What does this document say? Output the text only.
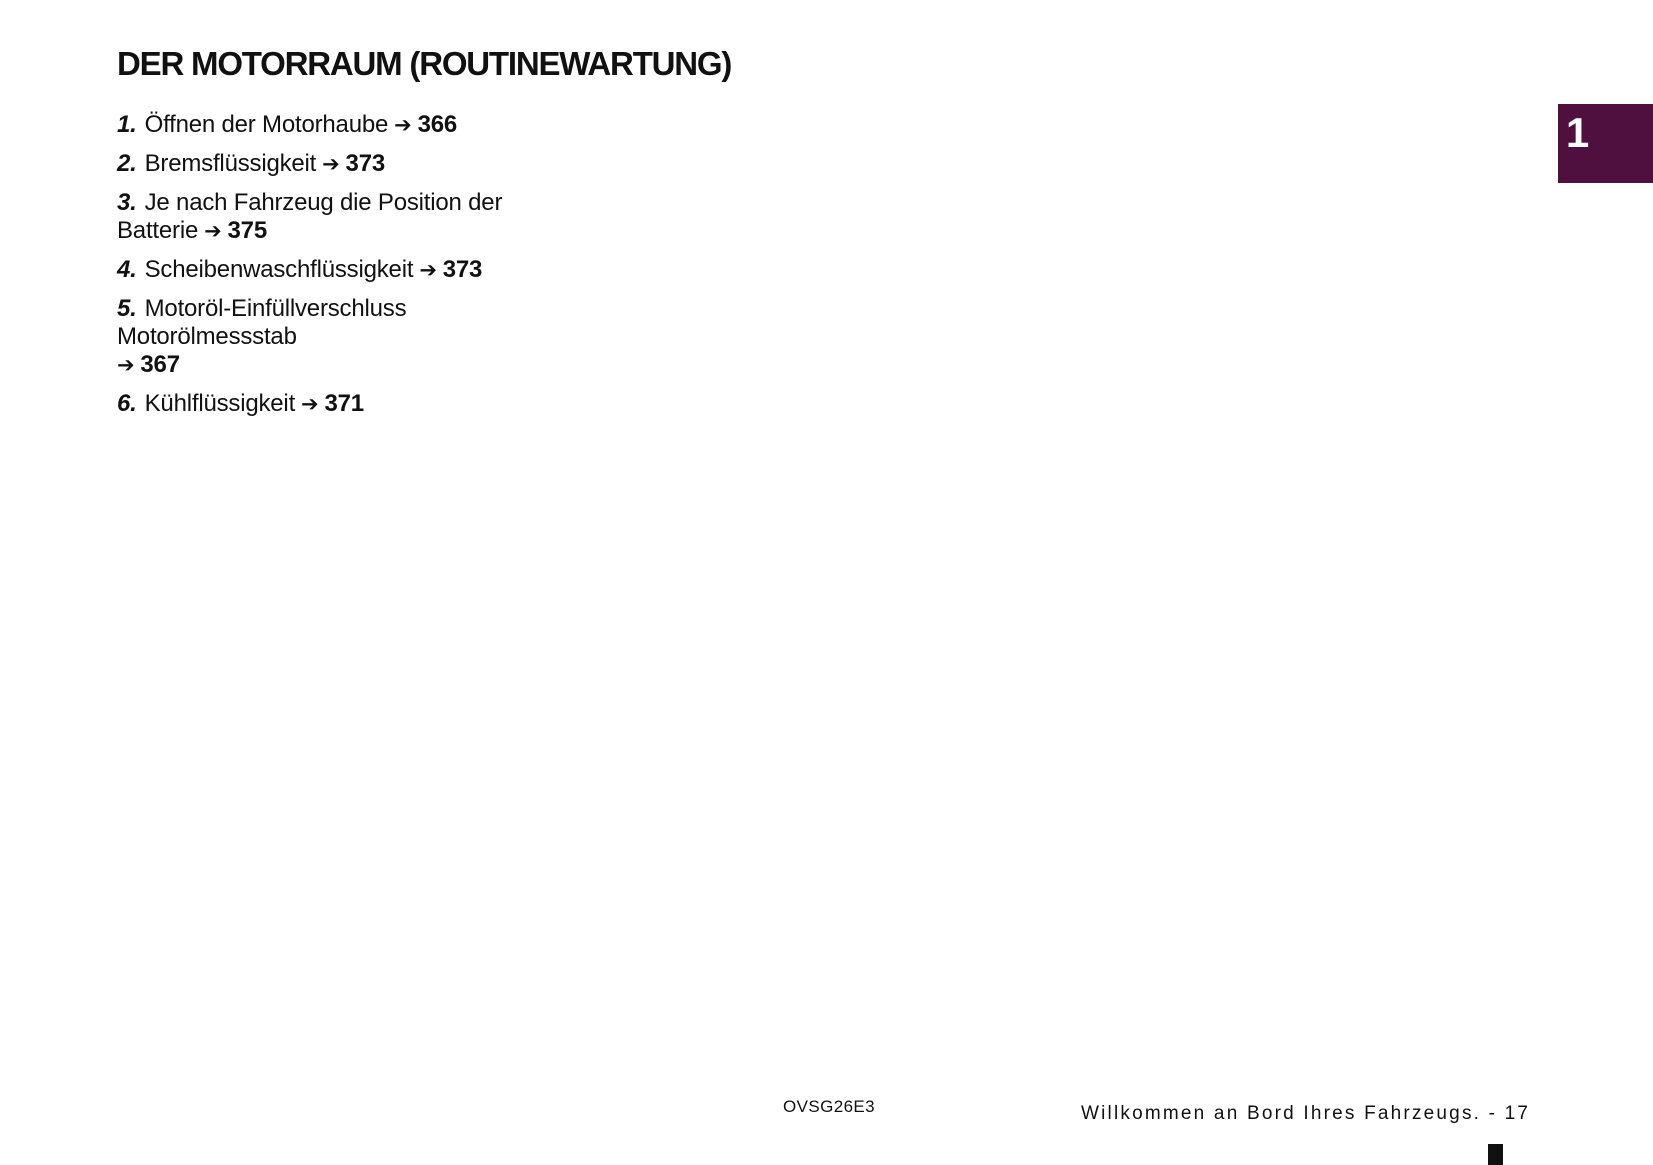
DER MOTORRAUM (ROUTINEWARTUNG)
1
1. Öffnen der Motorhaube ➔ 366
2. Bremsflüssigkeit ➔ 373
3. Je nach Fahrzeug die Position der
Batterie ➔ 375
4. Scheibenwaschflüssigkeit ➔ 373
5. Motoröl-Einfüllverschluss
Motorölmessstab
➔ 367
6. Kühlflüssigkeit ➔ 371
OVSG26E3	Willkommen an Bord Ihres Fahrzeugs. - 17
